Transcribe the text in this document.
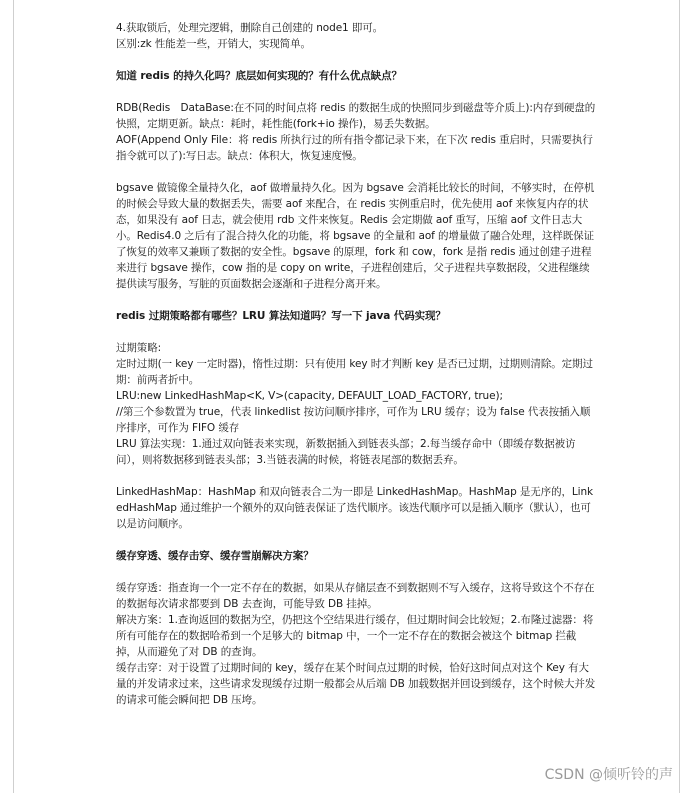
4.获取锁后，处理完逻辑，删除自己创建的 node1 即可。

区别:zk 性能差一些，开销大，实现简单。

知道 redis 的持久化吗？底层如何实现的？有什么优点缺点？

RDB(Redis　DataBase:在不同的时间点将 redis 的数据生成的快照同步到磁盘等介质上):内存到硬盘的快照，定期更新。缺点：耗时，耗性能(fork+io 操作)，易丢失数据。

AOF(Append Only File：将 redis 所执行过的所有指令都记录下来，在下次 redis 重启时，只需要执行指令就可以了):写日志。缺点：体积大，恢复速度慢。

bgsave 做镜像全量持久化，aof 做增量持久化。因为 bgsave 会消耗比较长的时间，不够实时，在停机的时候会导致大量的数据丢失，需要 aof 来配合，在 redis 实例重启时，优先使用 aof 来恢复内存的状态，如果没有 aof 日志，就会使用 rdb 文件来恢复。Redis 会定期做 aof 重写，压缩 aof 文件日志大小。Redis4.0 之后有了混合持久化的功能，将 bgsave 的全量和 aof 的增量做了融合处理，这样既保证了恢复的效率又兼顾了数据的安全性。bgsave 的原理，fork 和 cow，fork 是指 redis 通过创建子进程来进行 bgsave 操作，cow 指的是 copy on write，子进程创建后，父子进程共享数据段，父进程继续提供读写服务，写脏的页面数据会逐渐和子进程分离开来。

redis 过期策略都有哪些？LRU 算法知道吗？写一下 java 代码实现？

过期策略:

定时过期(一 key 一定时器)，惰性过期：只有使用 key 时才判断 key 是否已过期，过期则清除。定期过期：前两者折中。

LRU:new LinkedHashMap<K, V>(capacity, DEFAULT_LOAD_FACTORY, true);

//第三个参数置为 true，代表 linkedlist 按访问顺序排序，可作为 LRU 缓存；设为 false 代表按插入顺序排序，可作为 FIFO 缓存

LRU 算法实现：1.通过双向链表来实现，新数据插入到链表头部；2.每当缓存命中（即缓存数据被访问），则将数据移到链表头部；3.当链表满的时候，将链表尾部的数据丢弃。

LinkedHashMap：HashMap 和双向链表合二为一即是 LinkedHashMap。HashMap 是无序的，LinkedHashMap 通过维护一个额外的双向链表保证了迭代顺序。该迭代顺序可以是插入顺序（默认），也可以是访问顺序。

缓存穿透、缓存击穿、缓存雪崩解决方案？

缓存穿透：指查询一个一定不存在的数据，如果从存储层查不到数据则不写入缓存，这将导致这个不存在的数据每次请求都要到 DB 去查询，可能导致 DB 挂掉。

解决方案：1.查询返回的数据为空，仍把这个空结果进行缓存，但过期时间会比较短；2.布隆过滤器：将所有可能存在的数据哈希到一个足够大的 bitmap 中，一个一定不存在的数据会被这个 bitmap 拦截掉，从而避免了对 DB 的查询。

缓存击穿：对于设置了过期时间的 key，缓存在某个时间点过期的时候，恰好这时间点对这个 Key 有大量的并发请求过来，这些请求发现缓存过期一般都会从后端 DB 加载数据并回设到缓存，这个时候大并发的请求可能会瞬间把 DB 压垮。

CSDN @倾听铃的声
